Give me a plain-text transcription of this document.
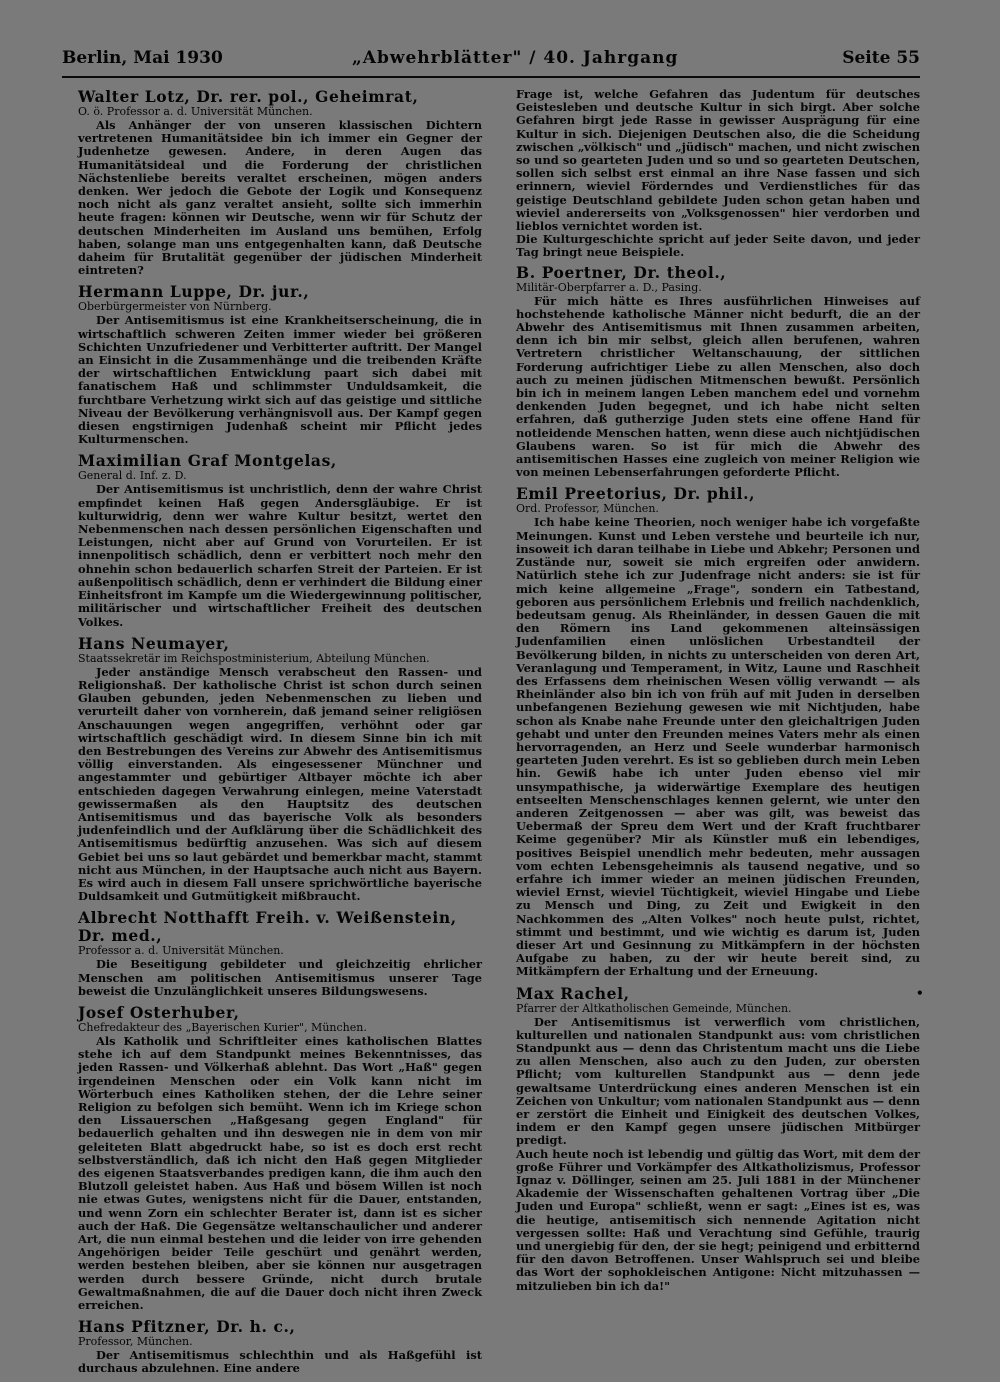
Berlin, Mai 1930	„Abwehrblätter" / 40. Jahrgang	Seite 55
Walter Lotz, Dr. rer. pol., Geheimrat,
O. ö. Professor a. d. Universität München.

Als Anhänger der von unseren klassischen Dichtern vertretenen Humanitätsidee bin ich immer ein Gegner der Judenhetze gewesen. Andere, in deren Augen das Humanitätsideal und die Forderung der christlichen Nächstenliebe bereits veraltet erscheinen, mögen anders denken. Wer jedoch die Gebote der Logik und Konsequenz noch nicht als ganz veraltet ansieht, sollte sich immerhin heute fragen: können wir Deutsche, wenn wir für Schutz der deutschen Minderheiten im Ausland uns bemühen, Erfolg haben, solange man uns entgegenhalten kann, daß Deutsche daheim für Brutalität gegenüber der jüdischen Minderheit eintreten?

Hermann Luppe, Dr. jur.,
Oberbürgermeister von Nürnberg.

Der Antisemitismus ist eine Krankheitserscheinung, die in wirtschaftlich schweren Zeiten immer wieder bei größeren Schichten Unzufriedener und Verbitterter auftritt. Der Mangel an Einsicht in die Zusammenhänge und die treibenden Kräfte der wirtschaftlichen Entwicklung paart sich dabei mit fanatischem Haß und schlimmster Unduldsamkeit, die furchtbare Verhetzung wirkt sich auf das geistige und sittliche Niveau der Bevölkerung verhängnisvoll aus. Der Kampf gegen diesen engstirnigen Judenhaß scheint mir Pflicht jedes Kulturmenschen.

Maximilian Graf Montgelas,
General d. Inf. z. D.

Der Antisemitismus ist unchristlich, denn der wahre Christ empfindet keinen Haß gegen Andersgläubige. Er ist kulturwidrig, denn wer wahre Kultur besitzt, wertet den Nebenmenschen nach dessen persönlichen Eigenschaften und Leistungen, nicht aber auf Grund von Vorurteilen. Er ist innenpolitisch schädlich, denn er verbittert noch mehr den ohnehin schon bedauerlich scharfen Streit der Parteien. Er ist außenpolitisch schädlich, denn er verhindert die Bildung einer Einheitsfront im Kampfe um die Wiedergewinnung politischer, militärischer und wirtschaftlicher Freiheit des deutschen Volkes.

Hans Neumayer,
Staatssekretär im Reichspostministerium, Abteilung München.

Jeder anständige Mensch verabscheut den Rassen- und Religionshaß. Der katholische Christ ist schon durch seinen Glauben gebunden, jeden Nebenmenschen zu lieben und verurteilt daher von vornherein, daß jemand seiner religiösen Anschauungen wegen angegriffen, verhöhnt oder gar wirtschaftlich geschädigt wird. In diesem Sinne bin ich mit den Bestrebungen des Vereins zur Abwehr des Antisemitismus völlig einverstanden. Als eingesessener Münchner und angestammter und gebürtiger Altbayer möchte ich aber entschieden dagegen Verwahrung einlegen, meine Vaterstadt gewissermaßen als den Hauptsitz des deutschen Antisemitismus und das bayerische Volk als besonders judenfeindlich und der Aufklärung über die Schädlichkeit des Antisemitismus bedürftig anzusehen. Was sich auf diesem Gebiet bei uns so laut gebärdet und bemerkbar macht, stammt nicht aus München, in der Hauptsache auch nicht aus Bayern. Es wird auch in diesem Fall unsere sprichwörtliche bayerische Duldsamkeit und Gutmütigkeit mißbraucht.

Albrecht Notthafft Freih. v. Weißenstein, Dr. med.,
Professor a. d. Universität München.

Die Beseitigung gebildeter und gleichzeitig ehrlicher Menschen am politischen Antisemitismus unserer Tage beweist die Unzulänglichkeit unseres Bildungswesens.

Josef Osterhuber,
Chefredakteur des „Bayerischen Kurier", München.

Als Katholik und Schriftleiter eines katholischen Blattes stehe ich auf dem Standpunkt meines Bekenntnisses, das jeden Rassen- und Völkerhaß ablehnt. Das Wort „Haß" gegen irgendeinen Menschen oder ein Volk kann nicht im Wörterbuch eines Katholiken stehen, der die Lehre seiner Religion zu befolgen sich bemüht. Wenn ich im Kriege schon den Lissauerschen „Haßgesang gegen England" für bedauerlich gehalten und ihn deswegen nie in dem von mir geleiteten Blatt abgedruckt habe, so ist es doch erst recht selbstverständlich, daß ich nicht den Haß gegen Mitglieder des eigenen Staatsverbandes predigen kann, die ihm auch den Blutzoll geleistet haben. Aus Haß und bösem Willen ist noch nie etwas Gutes, wenigstens nicht für die Dauer, entstanden, und wenn Zorn ein schlechter Berater ist, dann ist es sicher auch der Haß. Die Gegensätze weltanschaulicher und anderer Art, die nun einmal bestehen und die leider von irre gehenden Angehörigen beider Teile geschürt und genährt werden, werden bestehen bleiben, aber sie können nur ausgetragen werden durch bessere Gründe, nicht durch brutale Gewaltmaßnahmen, die auf die Dauer doch nicht ihren Zweck erreichen.

Hans Pfitzner, Dr. h. c.,
Professor, München.

Der Antisemitismus schlechthin und als Haßgefühl ist durchaus abzulehnen. Eine andere

Frage ist, welche Gefahren das Judentum für deutsches Geistesleben und deutsche Kultur in sich birgt. Aber solche Gefahren birgt jede Rasse in gewisser Ausprägung für eine Kultur in sich. Diejenigen Deutschen also, die die Scheidung zwischen „völkisch" und „jüdisch" machen, und nicht zwischen so und so gearteten Juden und so und so gearteten Deutschen, sollen sich selbst erst einmal an ihre Nase fassen und sich erinnern, wieviel Förderndes und Verdienstliches für das geistige Deutschland gebildete Juden schon getan haben und wieviel andererseits von „Volksgenossen" hier verdorben und lieblos vernichtet worden ist.
Die Kulturgeschichte spricht auf jeder Seite davon, und jeder Tag bringt neue Beispiele.

B. Poertner, Dr. theol.,
Militär-Oberpfarrer a. D., Pasing.

Für mich hätte es Ihres ausführlichen Hinweises auf hochstehende katholische Männer nicht bedurft, die an der Abwehr des Antisemitismus mit Ihnen zusammen arbeiten, denn ich bin mir selbst, gleich allen berufenen, wahren Vertretern christlicher Weltanschauung, der sittlichen Forderung aufrichtiger Liebe zu allen Menschen, also doch auch zu meinen jüdischen Mitmenschen bewußt. Persönlich bin ich in meinem langen Leben manchem edel und vornehm denkenden Juden begegnet, und ich habe nicht selten erfahren, daß gutherzige Juden stets eine offene Hand für notleidende Menschen hatten, wenn diese auch nichtjüdischen Glaubens waren. So ist für mich die Abwehr des antisemitischen Hasses eine zugleich von meiner Religion wie von meinen Lebenserfahrungen geforderte Pflicht.

Emil Preetorius, Dr. phil.,
Ord. Professor, München.

Ich habe keine Theorien, noch weniger habe ich vorgefaßte Meinungen. Kunst und Leben verstehe und beurteile ich nur, insoweit ich daran teilhabe in Liebe und Abkehr; Personen und Zustände nur, soweit sie mich ergreifen oder anwidern. Natürlich stehe ich zur Judenfrage nicht anders: sie ist für mich keine allgemeine „Frage", sondern ein Tatbestand, geboren aus persönlichem Erlebnis und freilich nachdenklich, bedeutsam genug. Als Rheinländer, in dessen Gauen die mit den Römern ins Land gekommenen alteinsässigen Judenfamilien einen unlöslichen Urbestandteil der Bevölkerung bilden, in nichts zu unterscheiden von deren Art, Veranlagung und Temperament, in Witz, Laune und Raschheit des Erfassens dem rheinischen Wesen völlig verwandt — als Rheinländer also bin ich von früh auf mit Juden in derselben unbefangenen Beziehung gewesen wie mit Nichtjuden, habe schon als Knabe nahe Freunde unter den gleichaltrigen Juden gehabt und unter den Freunden meines Vaters mehr als einen hervorragenden, an Herz und Seele wunderbar harmonisch gearteten Juden verehrt. Es ist so geblieben durch mein Leben hin. Gewiß habe ich unter Juden ebenso viel mir unsympathische, ja widerwärtige Exemplare des heutigen entseelten Menschenschlages kennen gelernt, wie unter den anderen Zeitgenossen — aber was gilt, was beweist das Uebermaß der Spreu dem Wert und der Kraft fruchtbarer Keime gegenüber? Mir als Künstler muß ein lebendiges, positives Beispiel unendlich mehr bedeuten, mehr aussagen vom echten Lebensgeheimnis als tausend negative, und so erfahre ich immer wieder an meinen jüdischen Freunden, wieviel Ernst, wieviel Tüchtigkeit, wieviel Hingabe und Liebe zu Mensch und Ding, zu Zeit und Ewigkeit in den Nachkommen des „Alten Volkes" noch heute pulst, richtet, stimmt und bestimmt, und wie wichtig es darum ist, Juden dieser Art und Gesinnung zu Mitkämpfern in der höchsten Aufgabe zu haben, zu der wir heute bereit sind, zu Mitkämpfern der Erhaltung und der Erneuung.

Max Rachel,
Pfarrer der Altkatholischen Gemeinde, München.

Der Antisemitismus ist verwerflich vom christlichen, kulturellen und nationalen Standpunkt aus: vom christlichen Standpunkt aus — denn das Christentum macht uns die Liebe zu allen Menschen, also auch zu den Juden, zur obersten Pflicht; vom kulturellen Standpunkt aus — denn jede gewaltsame Unterdrückung eines anderen Menschen ist ein Zeichen von Unkultur; vom nationalen Standpunkt aus — denn er zerstört die Einheit und Einigkeit des deutschen Volkes, indem er den Kampf gegen unsere jüdischen Mitbürger predigt.
Auch heute noch ist lebendig und gültig das Wort, mit dem der große Führer und Vorkämpfer des Altkatholizismus, Professor Ignaz v. Döllinger, seinen am 25. Juli 1881 in der Münchener Akademie der Wissenschaften gehaltenen Vortrag über „Die Juden und Europa" schließt, wenn er sagt: „Eines ist es, was die heutige, antisemitisch sich nennende Agitation nicht vergessen sollte: Haß und Verachtung sind Gefühle, traurig und unergiebig für den, der sie hegt; peinigend und erbitternd für den davon Betroffenen. Unser Wahlspruch sei und bleibe das Wort der sophokleischen Antigone: Nicht mitzuhassen — mitzulieben bin ich da!"

•
